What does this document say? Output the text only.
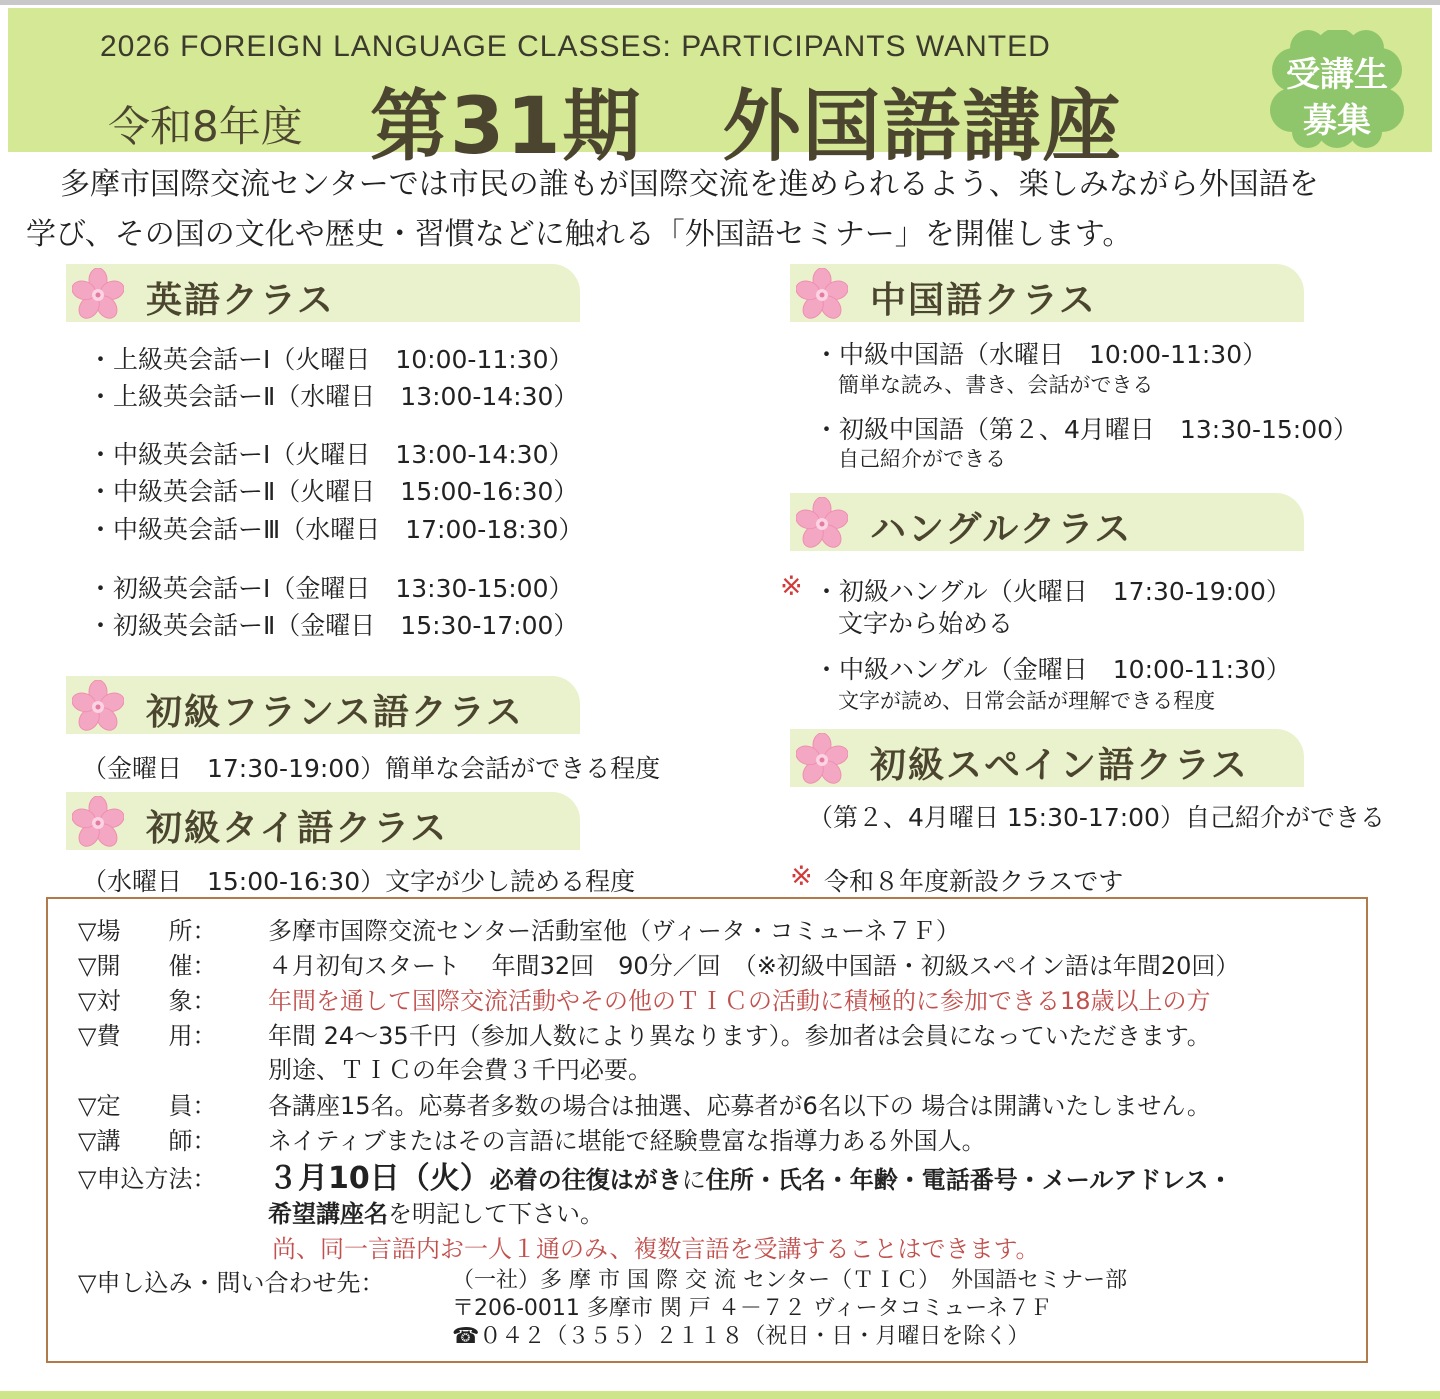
2026 FOREIGN LANGUAGE CLASSES: PARTICIPANTS WANTED
令和8年度 第31期　外国語講座
受講生
募集

多摩市国際交流センターでは市民の誰もが国際交流を進められるよう、楽しみながら外国語を

学び、その国の文化や歴史・習慣などに触れる「外国語セミナー」を開催します。

英語クラス
・上級英会話ーⅠ（火曜日　10:00-11:30）
・上級英会話ーⅡ（水曜日　13:00-14:30）
・中級英会話ーⅠ（火曜日　13:00-14:30）
・中級英会話ーⅡ（火曜日　15:00-16:30）
・中級英会話ーⅢ（水曜日　17:00-18:30）
・初級英会話ーⅠ（金曜日　13:30-15:00）
・初級英会話ーⅡ（金曜日　15:30-17:00）
初級フランス語クラス
（金曜日　17:30-19:00）簡単な会話ができる程度
初級タイ語クラス
（水曜日　15:00-16:30）文字が少し読める程度
中国語クラス
・中級中国語（水曜日　10:00-11:30）
簡単な読み、書き、会話ができる
・初級中国語（第２、4月曜日　13:30-15:00）
自己紹介ができる
ハングルクラス
※ ・初級ハングル（火曜日　17:30-19:00）
文字から始める
・中級ハングル（金曜日　10:00-11:30）
文字が読め、日常会話が理解できる程度
初級スペイン語クラス
（第２、4月曜日 15:30-17:00）自己紹介ができる
※ 令和８年度新設クラスです
▽場　　所： 多摩市国際交流センター活動室他（ヴィータ・コミューネ７Ｆ）
▽開　　催： ４月初旬スタート　 年間32回　90分／回　（※初級中国語・初級スペイン語は年間20回）
▽対　　象： 年間を通して国際交流活動やその他のＴＩＣの活動に積極的に参加できる18歳以上の方
▽費　　用： 年間 24～35千円（参加人数により異なります）。参加者は会員になっていただきます。
別途、ＴＩＣの年会費３千円必要。
▽定　　員： 各講座15名。応募者多数の場合は抽選、応募者が6名以下の 場合は開講いたしません。
▽講　　師： ネイティブまたはその言語に堪能で経験豊富な指導力ある外国人。
▽申込方法： ３月10日（火）必着の往復はがきに住所・氏名・年齢・電話番号・メールアドレス・
希望講座名を明記して下さい。
尚、同一言語内お一人１通のみ、複数言語を受講することはできます。
▽申し込み・問い合わせ先：	（一社）多 摩 市 国 際 交 流 センター（ＴＩＣ）　外国語セミナー部
〒206‐0011 多摩市 関 戸 ４－７２ ヴィータコミューネ７Ｆ
☎０４２（３５５）２１１８（祝日・日・月曜日を除く）
